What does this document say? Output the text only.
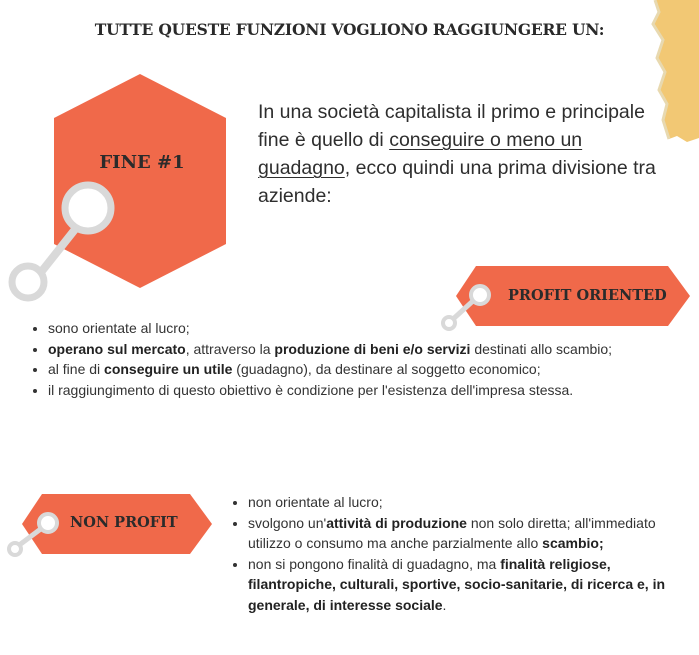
TUTTE QUESTE FUNZIONI VOGLIONO RAGGIUNGERE UN:
FINE #1
In una società capitalista il primo e principale fine è quello di conseguire o meno un guadagno, ecco quindi una prima divisione tra aziende:
PROFIT ORIENTED
• sono orientate al lucro;
• operano sul mercato, attraverso la produzione di beni e/o servizi destinati allo scambio;
• al fine di conseguire un utile (guadagno), da destinare al soggetto economico;
• il raggiungimento di questo obiettivo è condizione per l'esistenza dell'impresa stessa.
NON PROFIT
• non orientate al lucro;
• svolgono un'attività di produzione non solo diretta; all'immediato utilizzo o consumo ma anche parzialmente allo scambio;
• non si pongono finalità di guadagno, ma finalità religiose, filantropiche, culturali, sportive, socio-sanitarie, di ricerca e, in generale, di interesse sociale.
